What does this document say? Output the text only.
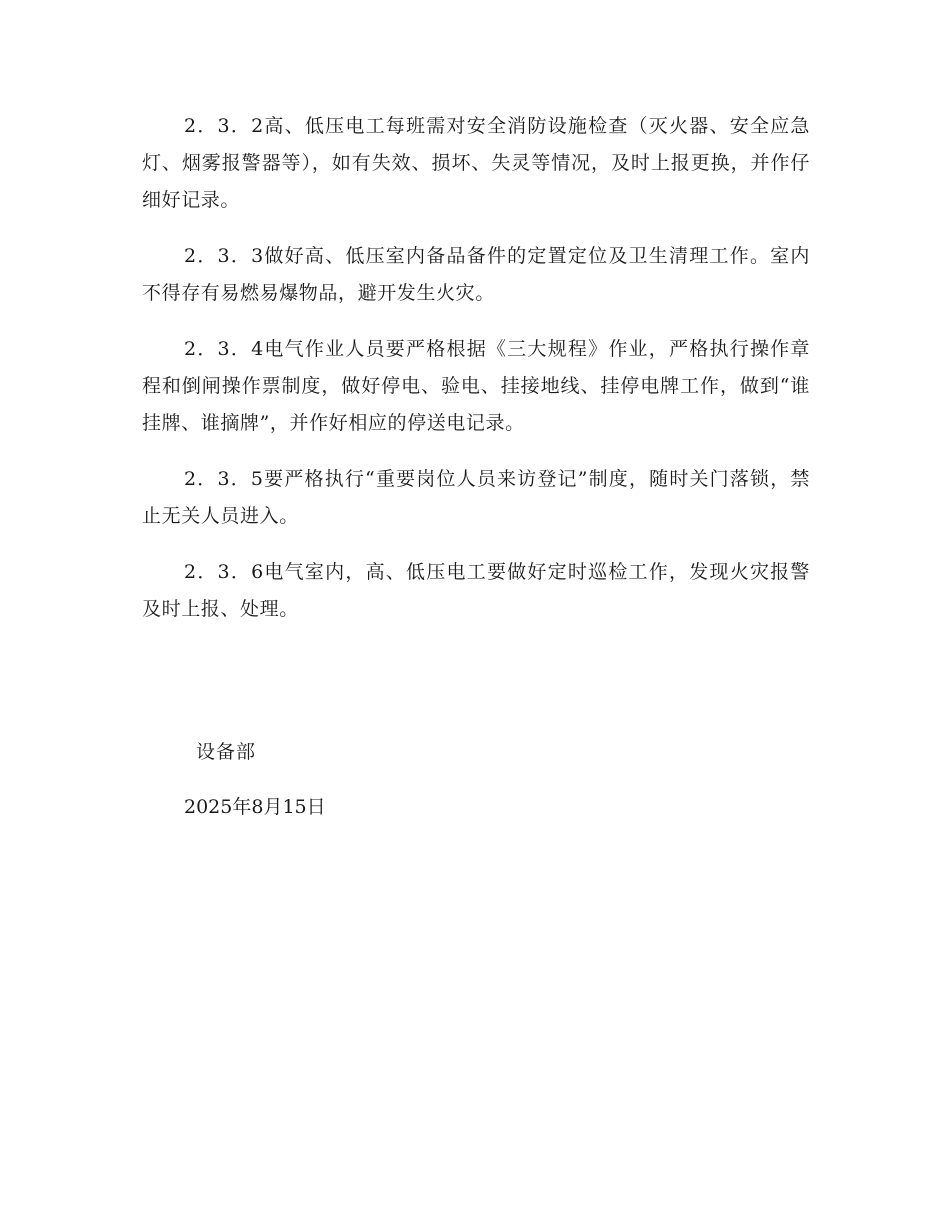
2．3．2高、低压电工每班需对安全消防设施检查（灭火器、安全应急灯、烟雾报警器等），如有失效、损坏、失灵等情况，及时上报更换，并作仔细好记录。

2．3．3做好高、低压室内备品备件的定置定位及卫生清理工作。室内不得存有易燃易爆物品，避开发生火灾。

2．3．4电气作业人员要严格根据《三大规程》作业，严格执行操作章程和倒闸操作票制度，做好停电、验电、挂接地线、挂停电牌工作，做到“谁挂牌、谁摘牌”，并作好相应的停送电记录。

2．3．5要严格执行“重要岗位人员来访登记”制度，随时关门落锁，禁止无关人员进入。

2．3．6电气室内，高、低压电工要做好定时巡检工作，发现火灾报警及时上报、处理。

设备部
2025年8月15日
